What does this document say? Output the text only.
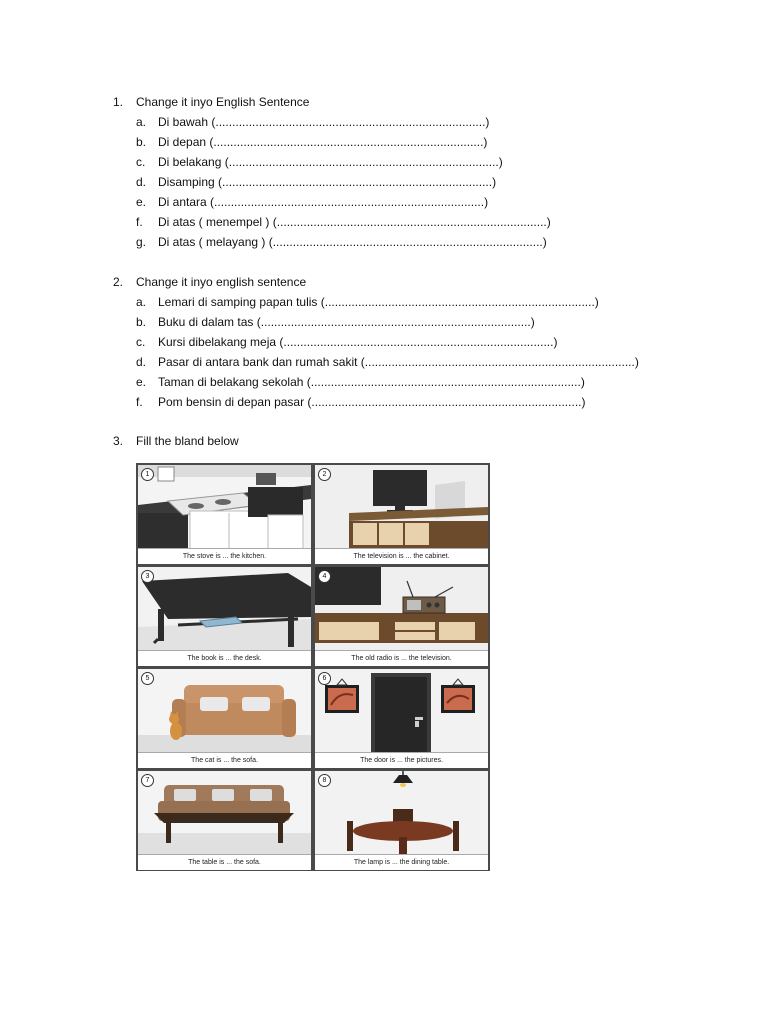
1. Change it inyo English Sentence
a. Di bawah (.................................................................................)
b. Di depan (.................................................................................)
c. Di belakang (.................................................................................)
d. Disamping (.................................................................................)
e. Di antara (.................................................................................)
f. Di atas ( menempel ) (.................................................................................)
g. Di atas ( melayang ) (.................................................................................)
2. Change it inyo english sentence
a. Lemari di samping papan tulis (.................................................................................)
b. Buku di dalam tas (.................................................................................)
c. Kursi dibelakang meja (.................................................................................)
d. Pasar di antara bank dan rumah sakit (.................................................................................)
e. Taman di belakang sekolah (.................................................................................)
f. Pom bensin di depan pasar (.................................................................................)
3. Fill the bland below
1
The stove is ... the kitchen.
2
The television is ... the cabinet.
3
The book is ... the desk.
4
The old radio is ... the television.
5
The cat is ... the sofa.
6
The door is ... the pictures.
7
The table is ... the sofa.
8
The lamp is ... the dining table.
